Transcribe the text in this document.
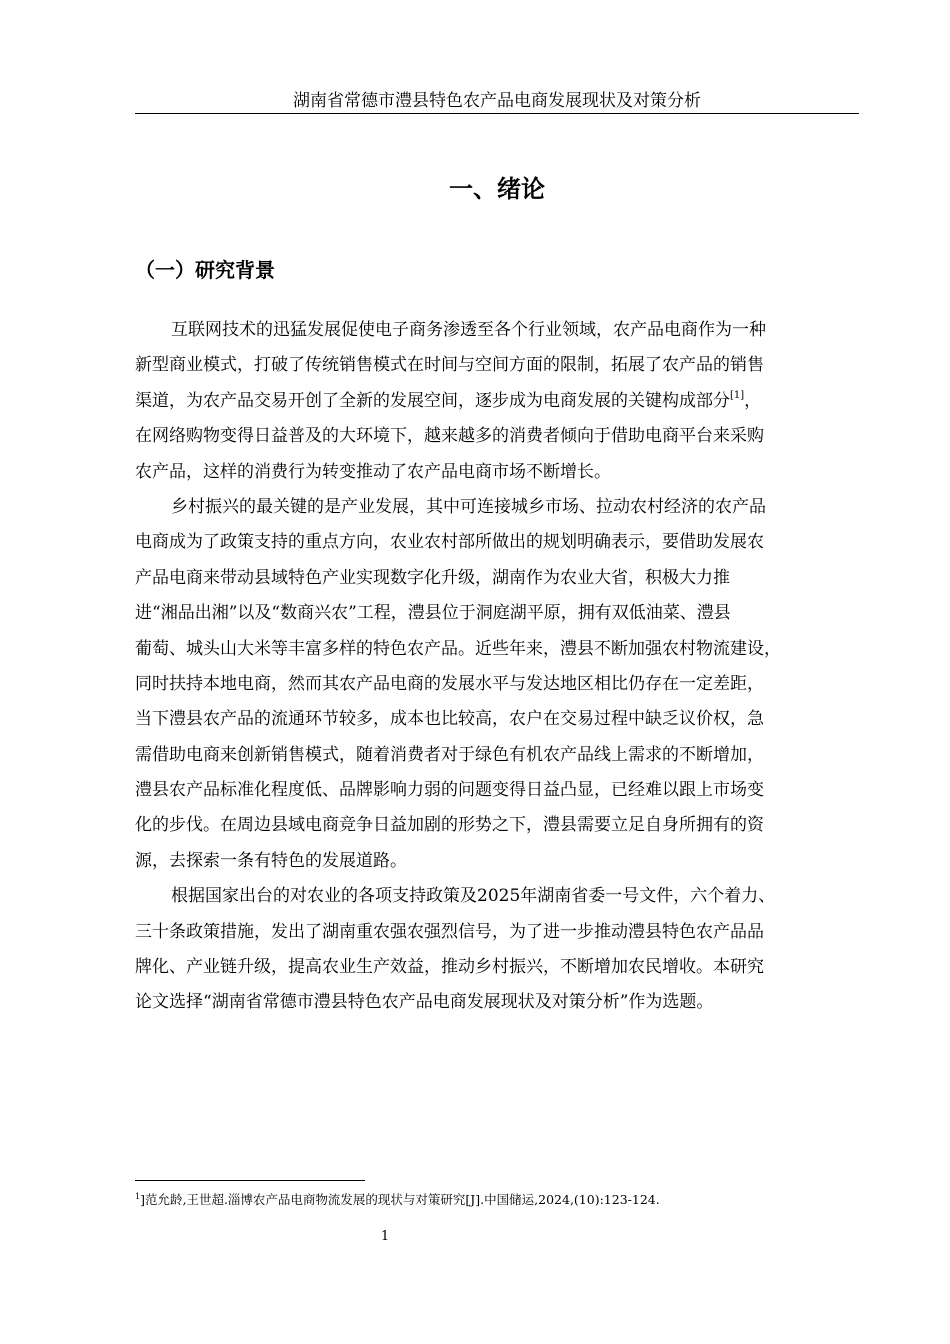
湖南省常德市澧县特色农产品电商发展现状及对策分析
一、绪论
（一）研究背景
互联网技术的迅猛发展促使电子商务渗透至各个行业领域，农产品电商作为一种
新型商业模式，打破了传统销售模式在时间与空间方面的限制，拓展了农产品的销售
渠道，为农产品交易开创了全新的发展空间，逐步成为电商发展的关键构成部分[1]，
在网络购物变得日益普及的大环境下，越来越多的消费者倾向于借助电商平台来采购
农产品，这样的消费行为转变推动了农产品电商市场不断增长。
乡村振兴的最关键的是产业发展，其中可连接城乡市场、拉动农村经济的农产品
电商成为了政策支持的重点方向，农业农村部所做出的规划明确表示，要借助发展农
产品电商来带动县域特色产业实现数字化升级，湖南作为农业大省，积极大力推
进“湘品出湘”以及“数商兴农”工程，澧县位于洞庭湖平原，拥有双低油菜、澧县
葡萄、城头山大米等丰富多样的特色农产品。近些年来，澧县不断加强农村物流建设，
同时扶持本地电商，然而其农产品电商的发展水平与发达地区相比仍存在一定差距，
当下澧县农产品的流通环节较多，成本也比较高，农户在交易过程中缺乏议价权，急
需借助电商来创新销售模式，随着消费者对于绿色有机农产品线上需求的不断增加，
澧县农产品标准化程度低、品牌影响力弱的问题变得日益凸显，已经难以跟上市场变
化的步伐。在周边县域电商竞争日益加剧的形势之下，澧县需要立足自身所拥有的资
源，去探索一条有特色的发展道路。
根据国家出台的对农业的各项支持政策及2025年湖南省委一号文件，六个着力、
三十条政策措施，发出了湖南重农强农强烈信号，为了进一步推动澧县特色农产品品
牌化、产业链升级，提高农业生产效益，推动乡村振兴，不断增加农民增收。本研究
论文选择“湖南省常德市澧县特色农产品电商发展现状及对策分析”作为选题。
$^1$]范允龄,王世超.淄博农产品电商物流发展的现状与对策研究[J].中国储运,2024,(10):123-124.
1
